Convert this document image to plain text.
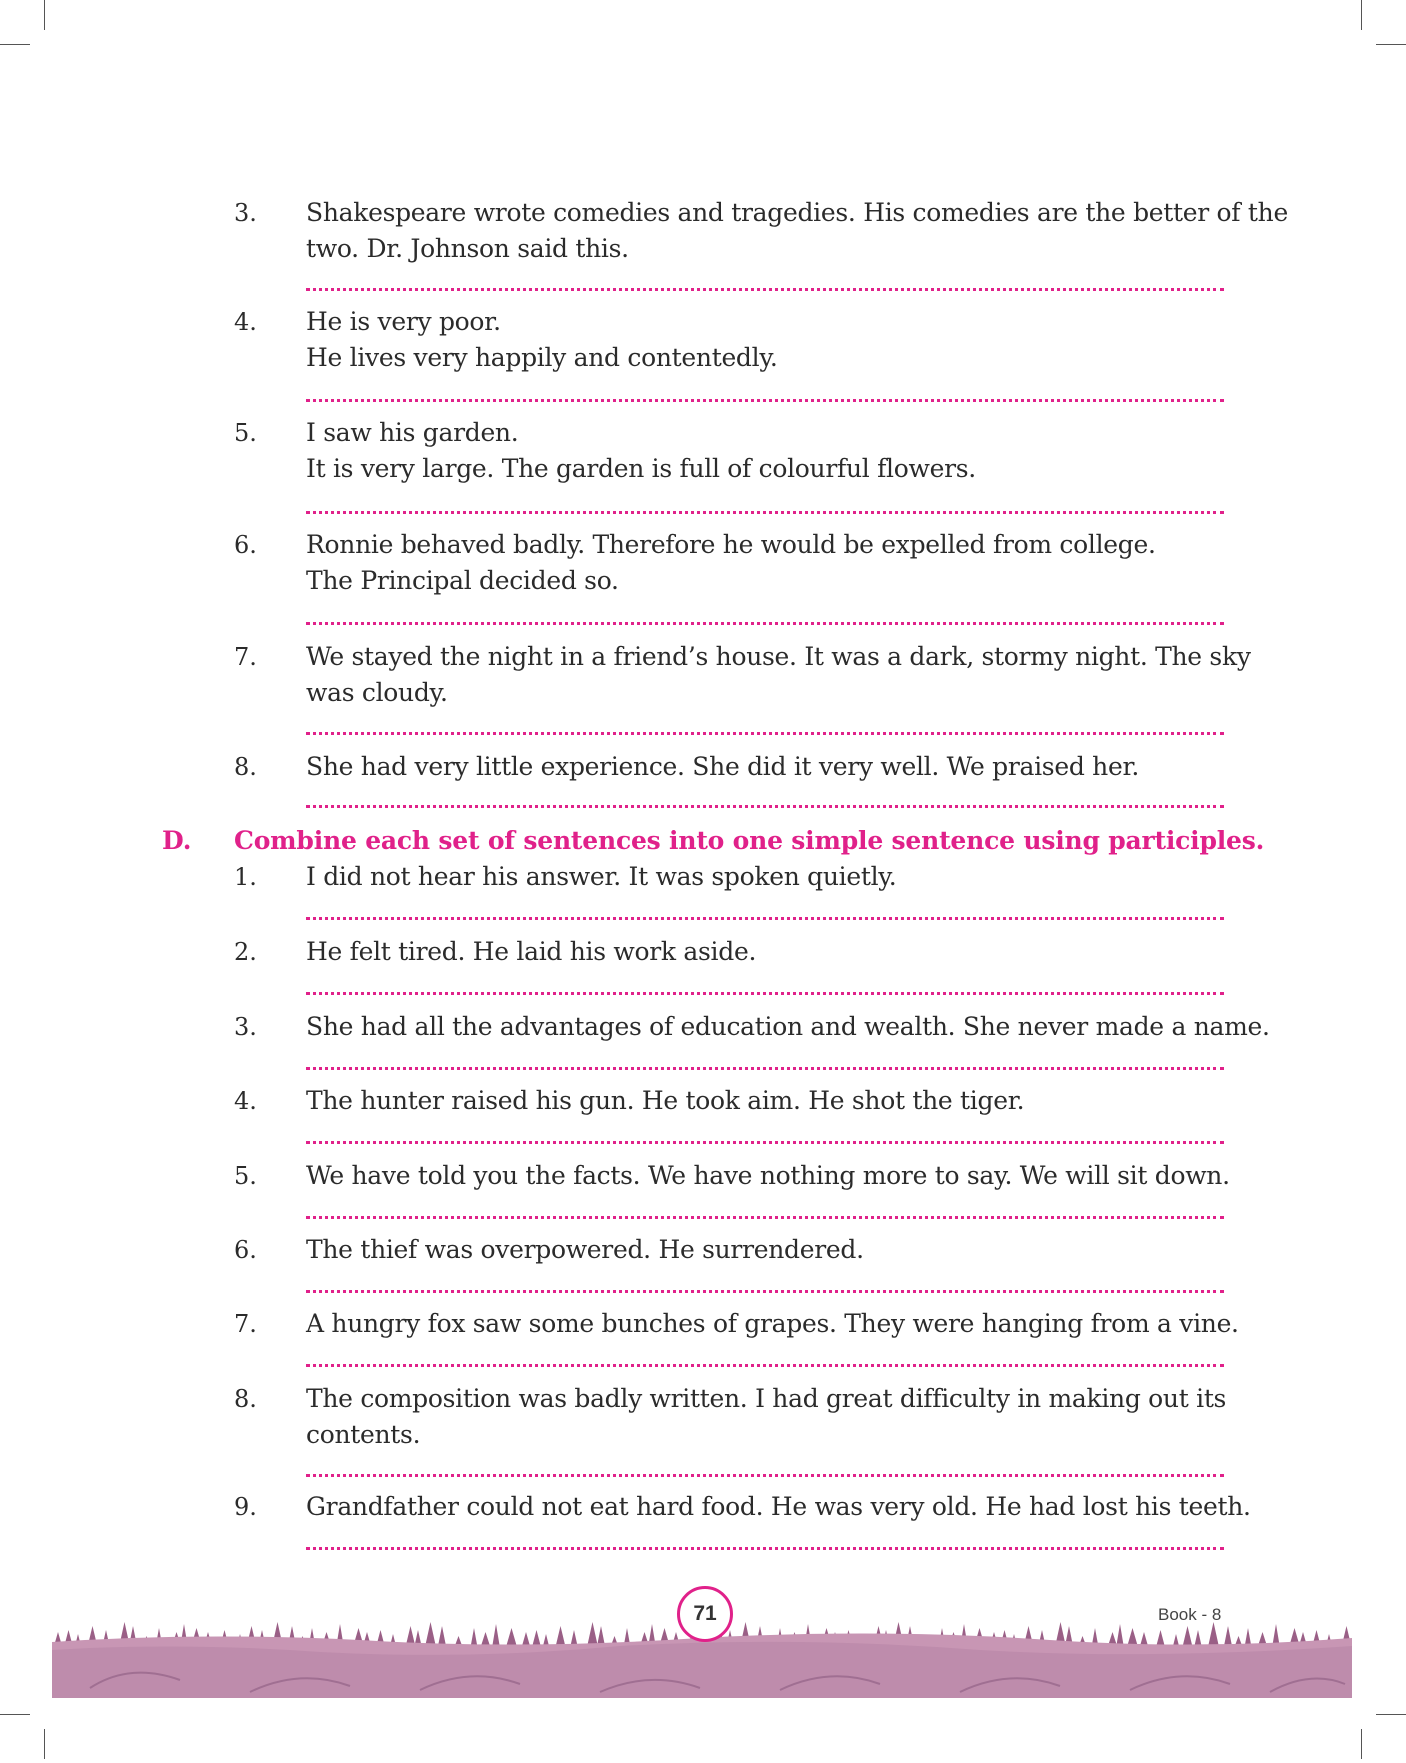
3. Shakespeare wrote comedies and tragedies. His comedies are the better of the
two. Dr. Johnson said this.
4. He is very poor.
He lives very happily and contentedly.
5. I saw his garden.
It is very large. The garden is full of colourful flowers.
6. Ronnie behaved badly. Therefore he would be expelled from college.
The Principal decided so.
7. We stayed the night in a friend’s house. It was a dark, stormy night. The sky
was cloudy.
8. She had very little experience. She did it very well. We praised her.
D. Combine each set of sentences into one simple sentence using participles.
1. I did not hear his answer. It was spoken quietly.
2. He felt tired. He laid his work aside.
3. She had all the advantages of education and wealth. She never made a name.
4. The hunter raised his gun. He took aim. He shot the tiger.
5. We have told you the facts. We have nothing more to say. We will sit down.
6. The thief was overpowered. He surrendered.
7. A hungry fox saw some bunches of grapes. They were hanging from a vine.
8. The composition was badly written. I had great difficulty in making out its
contents.
9. Grandfather could not eat hard food. He was very old. He had lost his teeth.
71	Book - 8
